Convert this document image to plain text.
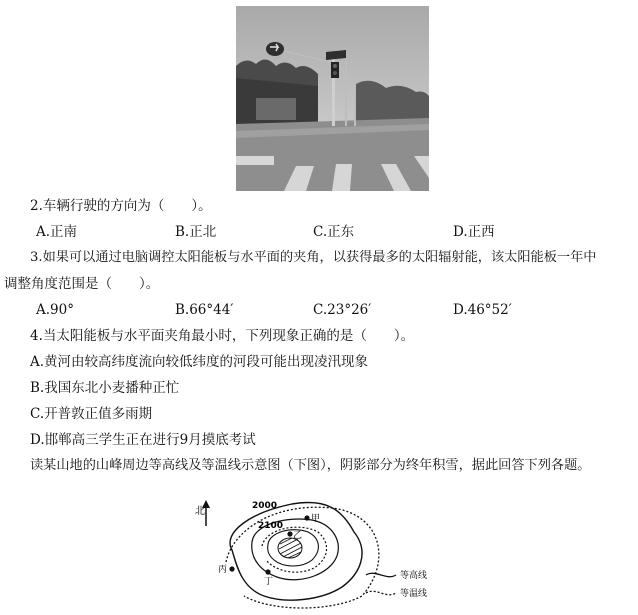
2.车辆行驶的方向为（　　）。
A.正南	B.正北	C.正东	D.正西
3.如果可以通过电脑调控太阳能板与水平面的夹角，以获得最多的太阳辐射能，该太阳能板一年中
调整角度范围是（　　）。
A.90°	B.66°44′	C.23°26′	D.46°52′
4.当太阳能板与水平面夹角最小时，下列现象正确的是（　　）。
A.黄河由较高纬度流向较低纬度的河段可能出现凌汛现象
B.我国东北小麦播种正忙
C.开普敦正值多雨期
D.邯郸高三学生正在进行9月摸底考试
读某山地的山峰周边等高线及等温线示意图（下图），阴影部分为终年积雪，据此回答下列各题。
北	2000
2100
甲
乙
丙
丁
等高线
等温线
